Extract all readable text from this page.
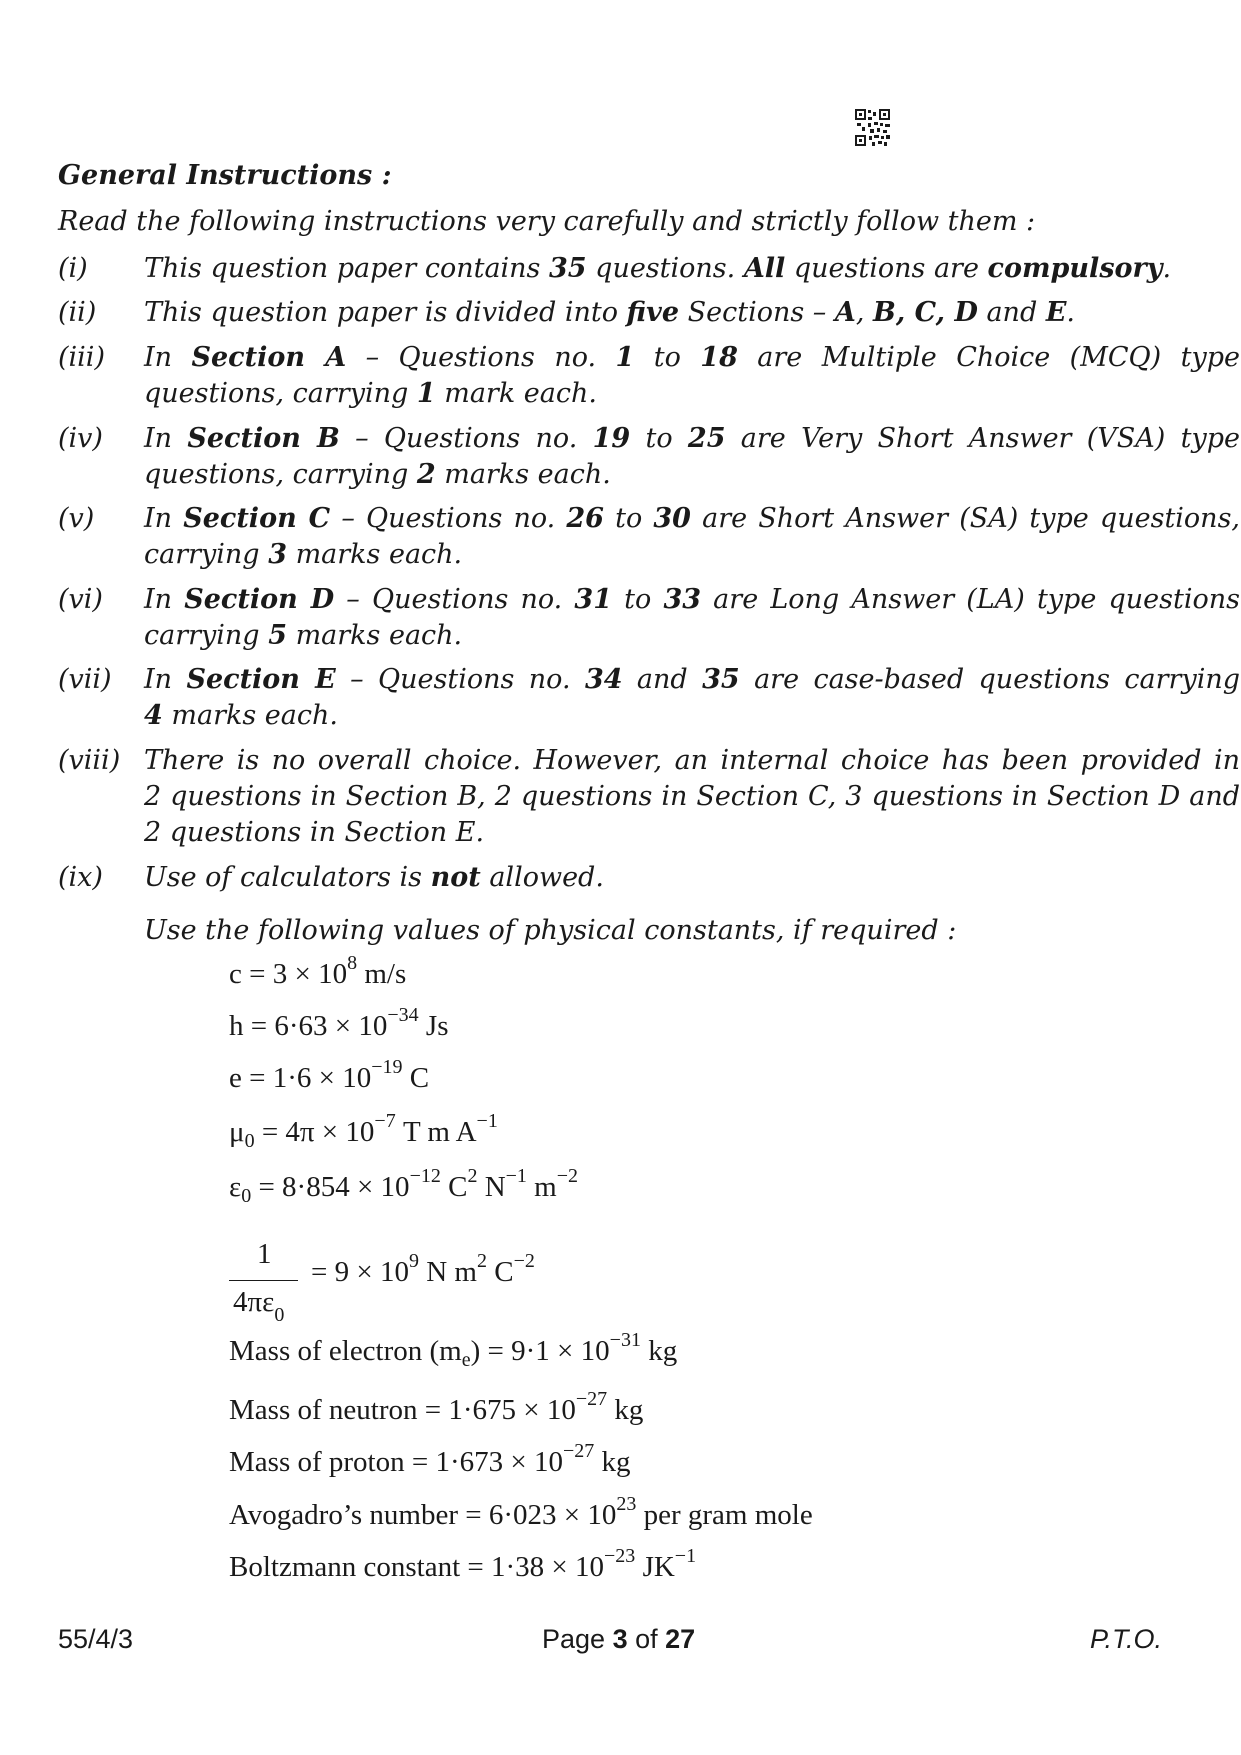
General Instructions :
Read the following instructions very carefully and strictly follow them :
(i) This question paper contains 35 questions. All questions are compulsory.
(ii) This question paper is divided into five Sections – A, B, C, D and E.
(iii) In Section A – Questions no. 1 to 18 are Multiple Choice (MCQ) type
questions, carrying 1 mark each.
(iv) In Section B – Questions no. 19 to 25 are Very Short Answer (VSA) type
questions, carrying 2 marks each.
(v) In Section C – Questions no. 26 to 30 are Short Answer (SA) type questions,
carrying 3 marks each.
(vi) In Section D – Questions no. 31 to 33 are Long Answer (LA) type questions
carrying 5 marks each.
(vii) In Section E – Questions no. 34 and 35 are case-based questions carrying
4 marks each.
(viii) There is no overall choice. However, an internal choice has been provided in
2 questions in Section B, 2 questions in Section C, 3 questions in Section D and
2 questions in Section E.
(ix) Use of calculators is not allowed.
Use the following values of physical constants, if required :
$c = 3 \times 10^8$ m/s
$h = 6\cdot 63 \times 10^{-34}$ Js
$e = 1\cdot 6 \times 10^{-19}$ C
$\mu_0 = 4\pi \times 10^{-7}$ T m $A^{-1}$
$\varepsilon_0 = 8\cdot 854 \times 10^{-12}$ $C^2$ $N^{-1}$ $m^{-2}$
1
$4\pi\varepsilon_0$
= $9 \times 10^9$ N $m^2$ $C^{-2}$
Mass of electron $(m_e) = 9\cdot 1 \times 10^{-31}$ kg
Mass of neutron = $1\cdot 675 \times 10^{-27}$ kg
Mass of proton = $1\cdot 673 \times 10^{-27}$ kg
Avogadro’s number = $6\cdot 023 \times 10^{23}$ per gram mole
Boltzmann constant = $1\cdot 38 \times 10^{-23}$ $JK^{-1}$
55/4/3	Page 3 of 27	P.T.O.
